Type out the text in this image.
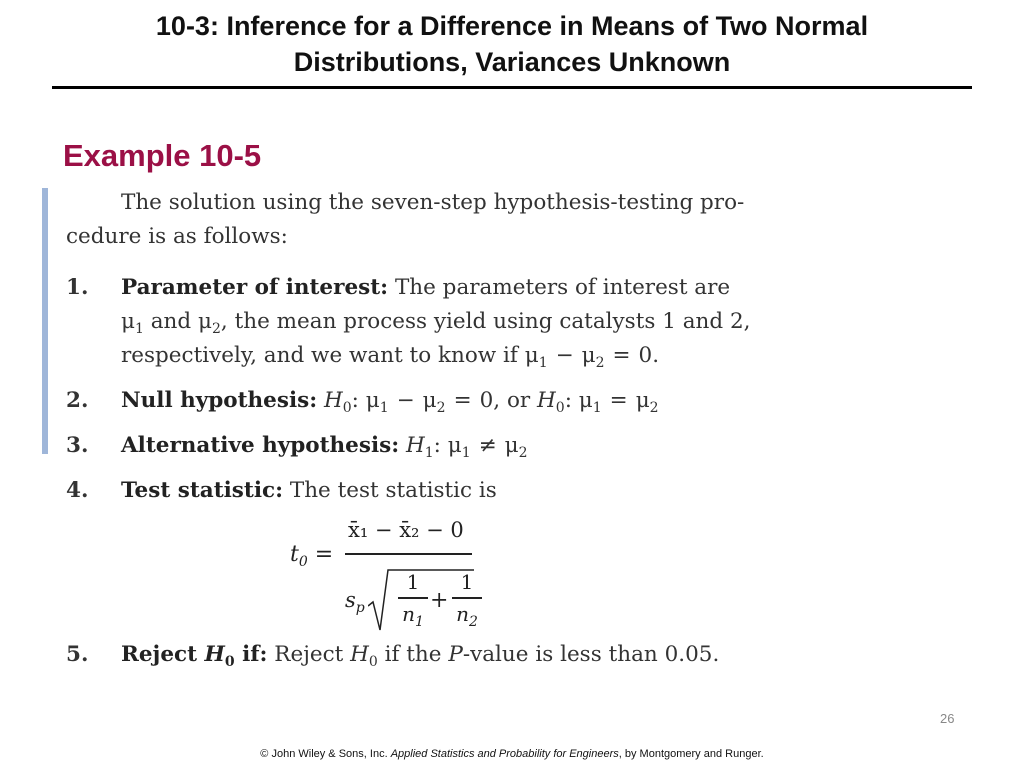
10-3: Inference for a Difference in Means of Two Normal
Distributions, Variances Unknown
Example 10-5
The solution using the seven-step hypothesis-testing pro-
cedure is as follows:
1. Parameter of interest: The parameters of interest are
$\mu_1$ and $\mu_2$, the mean process yield using catalysts 1 and 2,
respectively, and we want to know if $\mu_1 - \mu_2 = 0$.
2. Null hypothesis: $H_0$: $\mu_1 - \mu_2 = 0$, or $H_0$: $\mu_1 = \mu_2$
3. Alternative hypothesis: $H_1$: $\mu_1 \ne \mu_2$
4. Test statistic: The test statistic is
5. Reject $H_0$ if: Reject $H_0$ if the P-value is less than 0.05.
$t_0$ =
x̄₁ − x̄₂ − 0
$s_p$
1
$n_1$
+
1
$n_2$
26
© John Wiley & Sons, Inc. Applied Statistics and Probability for Engineers, by Montgomery and Runger.
